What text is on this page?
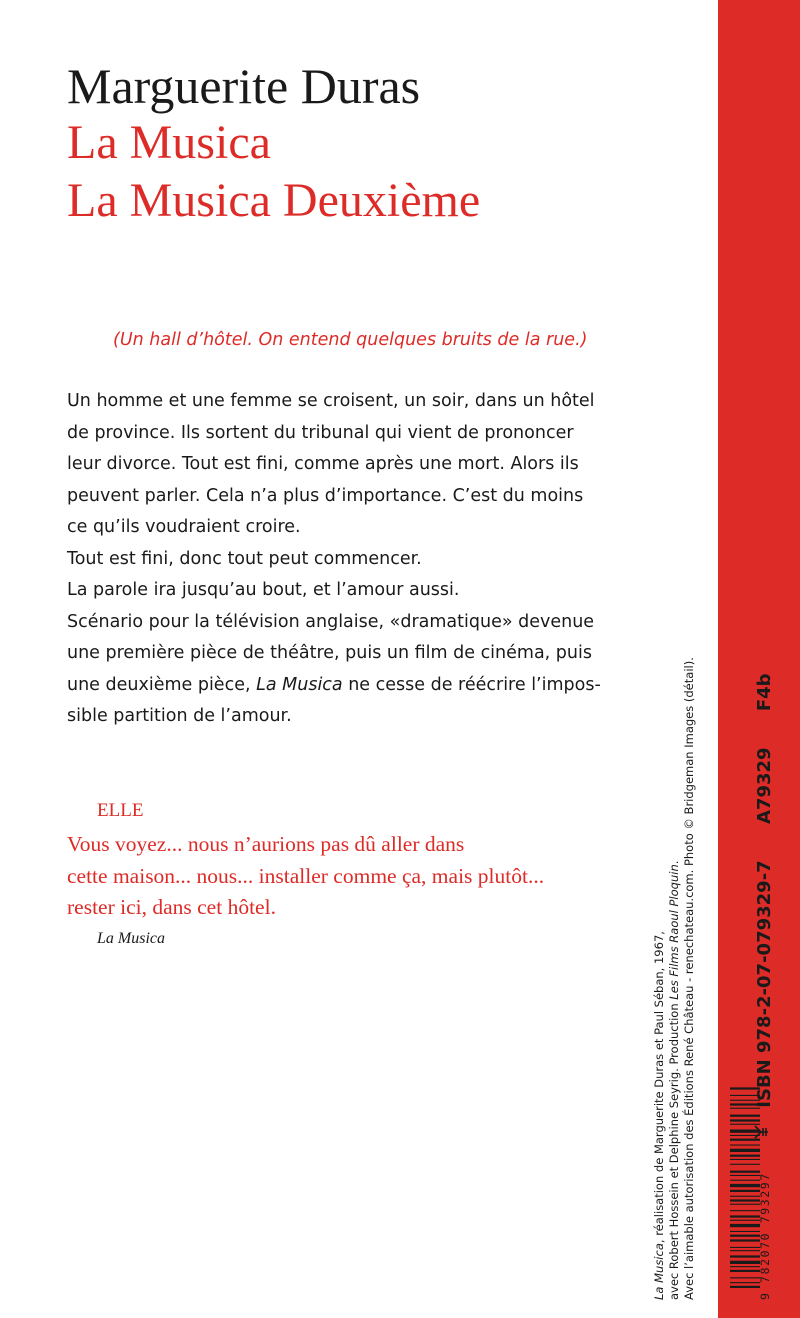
Marguerite Duras
La Musica
La Musica Deuxième
(Un hall d’hôtel. On entend quelques bruits de la rue.)
Un homme et une femme se croisent, un soir, dans un hôtel
de province. Ils sortent du tribunal qui vient de prononcer
leur divorce. Tout est fini, comme après une mort. Alors ils
peuvent parler. Cela n’a plus d’importance. C’est du moins
ce qu’ils voudraient croire.
Tout est fini, donc tout peut commencer.
La parole ira jusqu’au bout, et l’amour aussi.
Scénario pour la télévision anglaise, «dramatique» devenue
une première pièce de théâtre, puis un film de cinéma, puis
une deuxième pièce, La Musica ne cesse de réécrire l’impos-
sible partition de l’amour.
ELLE
Vous voyez... nous n’aurions pas dû aller dans
cette maison... nous... installer comme ça, mais plutôt...
rester ici, dans cet hôtel.
La Musica
La Musica, réalisation de Marguerite Duras et Paul Séban, 1967, avec Robert Hossein et Delphine Seyrig. Production Les Films Raoul Ploquin. Avec l’aimable autorisation des Éditions René Château - renechateau.com. Photo © Bridgeman Images (détail).	9 782070 793297
ISBN 978-2-07-079329-7 A79329 F4b
